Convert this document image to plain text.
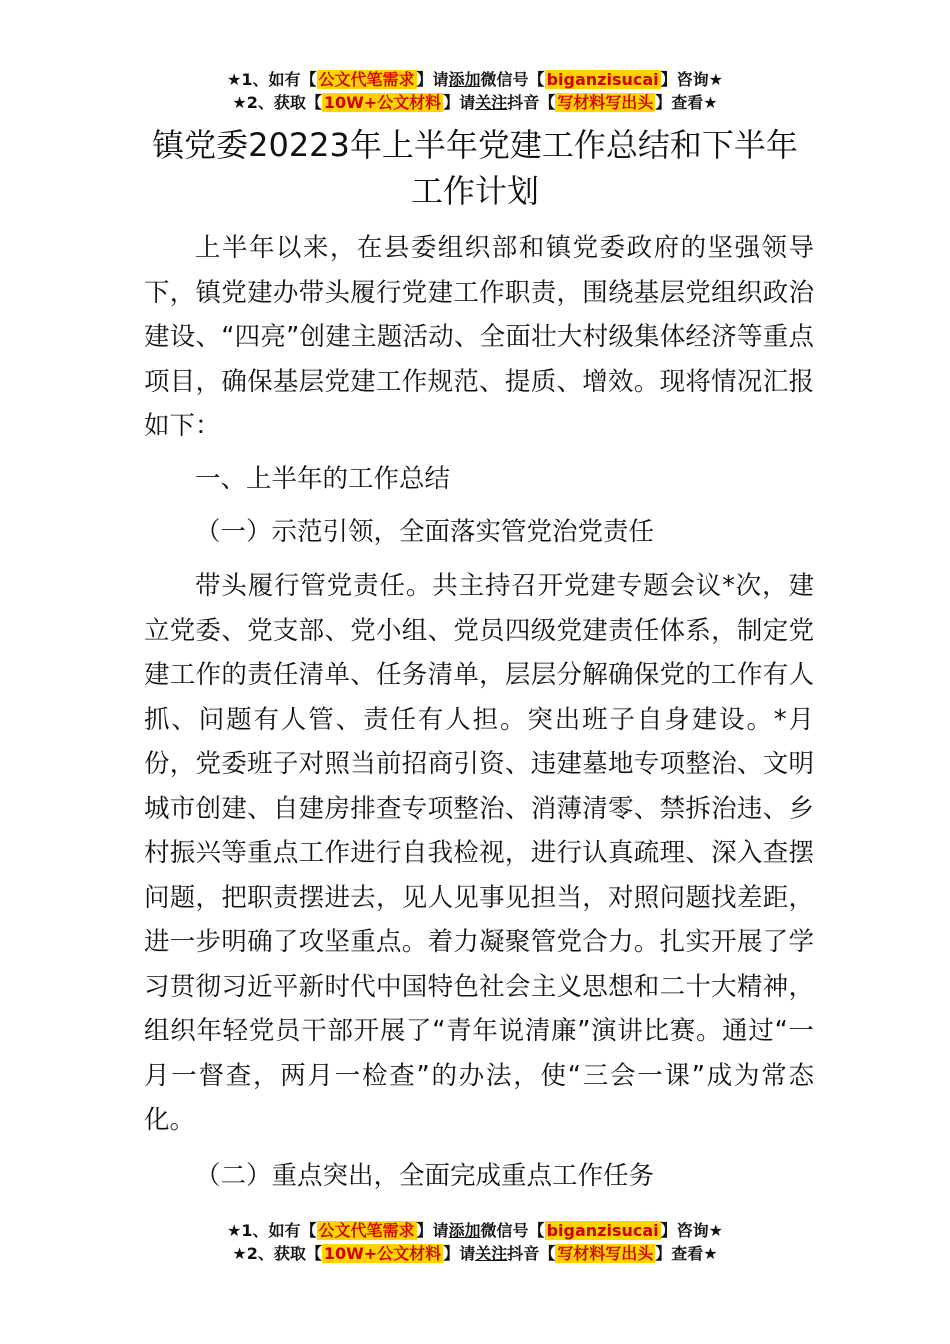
★1、如有【 公文代笔需求 】请添加微信号【 biganzisucai 】咨询★
★2、获取【 10W+公文材料 】请关注抖音【 写材料写出头 】查看★
镇党委20223年上半年党建工作总结和下半年工作计划

上半年以来，在县委组织部和镇党委政府的坚强领导下，镇党建办带头履行党建工作职责，围绕基层党组织政治建设、“四亮”创建主题活动、全面壮大村级集体经济等重点项目，确保基层党建工作规范、提质、增效。现将情况汇报如下：

一、上半年的工作总结

（一）示范引领，全面落实管党治党责任

带头履行管党责任。共主持召开党建专题会议*次，建立党委、党支部、党小组、党员四级党建责任体系，制定党建工作的责任清单、任务清单，层层分解确保党的工作有人抓、问题有人管、责任有人担。突出班子自身建设。*月份，党委班子对照当前招商引资、违建墓地专项整治、文明城市创建、自建房排查专项整治、消薄清零、禁拆治违、乡村振兴等重点工作进行自我检视，进行认真疏理、深入查摆问题，把职责摆进去，见人见事见担当，对照问题找差距，进一步明确了攻坚重点。着力凝聚管党合力。扎实开展了学习贯彻习近平新时代中国特色社会主义思想和二十大精神，组织年轻党员干部开展了“青年说清廉”演讲比赛。通过“一月一督查，两月一检查”的办法，使“三会一课”成为常态化。

（二）重点突出，全面完成重点工作任务

★1、如有【 公文代笔需求 】请添加微信号【 biganzisucai 】咨询★
★2、获取【 10W+公文材料 】请关注抖音【 写材料写出头 】查看★
